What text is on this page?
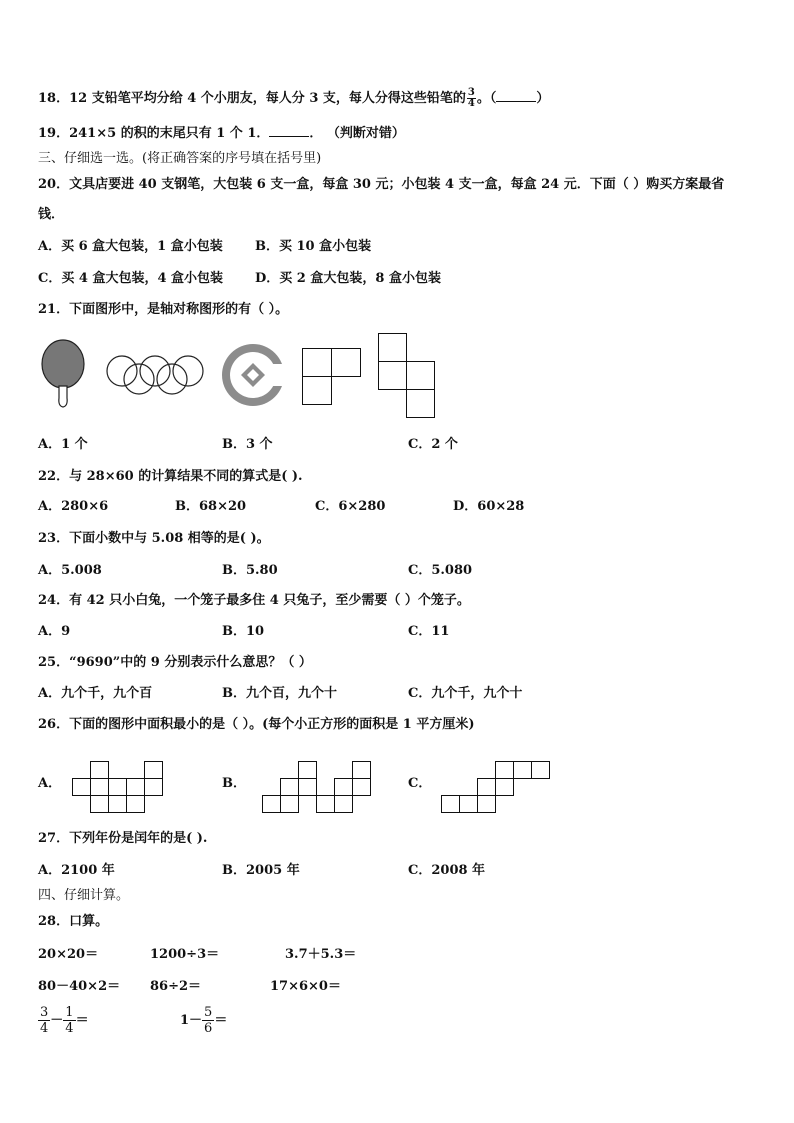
18．12 支铅笔平均分给 4 个小朋友，每人分 3 支，每人分得这些铅笔的 $\frac{3}{4}$ 。（	）
19．241×5 的积的末尾只有 1 个 1．	． （判断对错）
三、仔细选一选。(将正确答案的序号填在括号里)
20．文具店要进 40 支钢笔，大包装 6 支一盒，每盒 30 元；小包装 4 支一盒，每盒 24 元．下面（ ）购买方案最省
钱．
A．买 6 盒大包装，1 盒小包装 B．买 10 盒小包装
C．买 4 盒大包装，4 盒小包装 D．买 2 盒大包装，8 盒小包装
21．下面图形中，是轴对称图形的有（ ）。
A．1 个	B．3 个	C．2 个
22．与 28×60 的计算结果不同的算式是( ).
A．280×6	B．68×20	C．6×280	D．60×28
23．下面小数中与 5.08 相等的是( )。
A．5.008	B．5.80	C．5.080
24．有 42 只小白兔，一个笼子最多住 4 只兔子，至少需要（ ）个笼子。
A．9	B．10	C．11
25．“9690”中的 9 分别表示什么意思？（ ）
A．九个千，九个百	B．九个百，九个十	C．九个千，九个十
26．下面的图形中面积最小的是（ ）。(每个小正方形的面积是 1 平方厘米)
A．	B．	C．
27．下列年份是闰年的是( ).
A．2100 年	B．2005 年	C．2008 年
四、仔细计算。
28．口算。
20×20＝	1200÷3＝	3.7＋5.3＝
80－40×2＝ 86÷2＝	17×6×0＝
$\frac{3}{4} - \frac{1}{4}$ ＝	$1- \frac{5}{6}$ ＝
